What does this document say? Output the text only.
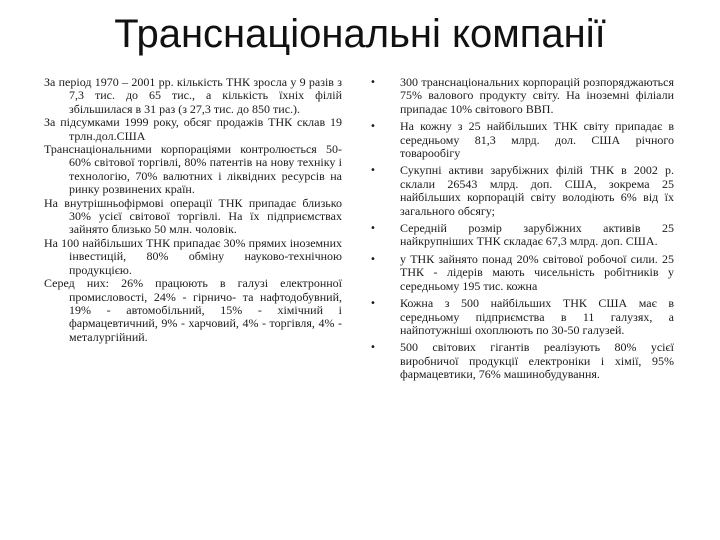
Транснаціональні компанії

За період 1970 – 2001 рр. кількість ТНК зросла у 9 разів з 7,3 тис. до 65 тис., а кількість їхніх філій збільшилася в 31 раз (з 27,3 тис. до 850 тис.).

За підсумками 1999 року, обсяг продажів ТНК склав 19 трлн.дол.США

Транснаціональними корпораціями контролюється 50-60% світової торгівлі, 80% патентів на нову техніку і технологію, 70% валютних і ліквідних ресурсів на ринку розвинених країн.

На внутрішньофірмові операції ТНК припадає близько 30% усієї світової торгівлі. На їх підприємствах зайнято близько 50 млн. чоловік.

На 100 найбільших ТНК припадає 30% прямих іноземних інвестицій, 80% обміну науково-технічною продукцією.

Серед них: 26% працюють в галузі електронної промисловості, 24% - гірничо- та нафтодобувний, 19% - автомобільний, 15% - хімічний і фармацевтичний, 9% - харчовий, 4% - торгівля, 4% - металургійний.

• 300 транснаціональних корпорацій розпоряджаються 75% валового продукту світу. На іноземні філіали припадає 10% світового ВВП.
• На кожну з 25 найбільших ТНК світу припадає в середньому 81,3 млрд. дол. США річного товарообігу
• Сукупні активи зарубіжних філій ТНК в 2002 р. склали 26543 млрд. доп. США, зокрема 25 найбільших корпорацій світу володіють 6% від їх загального обсягу;
• Середній розмір зарубіжних активів 25 найкрупніших ТНК складає 67,3 млрд. доп. США.
• у ТНК зайнято понад 20% світової робочої сили. 25 ТНК - лідерів мають чисельність робітників у середньому 195 тис. кожна
• Кожна з 500 найбільших ТНК США має в середньому підприємства в 11 галузях, а найпотужніші охоплюють по 30-50 галузей.
• 500 світових гігантів реалізують 80% усієї виробничої продукції електроніки і хімії, 95% фармацевтики, 76% машинобудування.
